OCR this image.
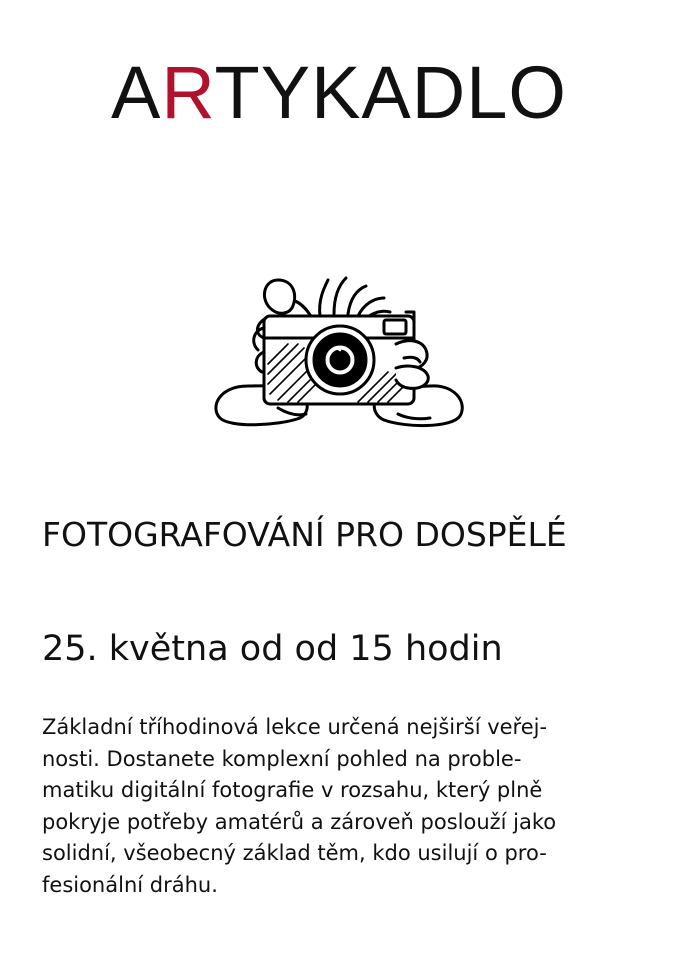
ARTYKADLO
FOTOGRAFOVÁNÍ PRO DOSPĚLÉ
25. května od od 15 hodin
Základní tříhodinová lekce určená nejširší veřej-
nosti. Dostanete komplexní pohled na proble-
matiku digitální fotografie v rozsahu, který plně
pokryje potřeby amatérů a zároveň poslouží jako
solidní, všeobecný základ těm, kdo usilují o pro-
fesionální dráhu.
